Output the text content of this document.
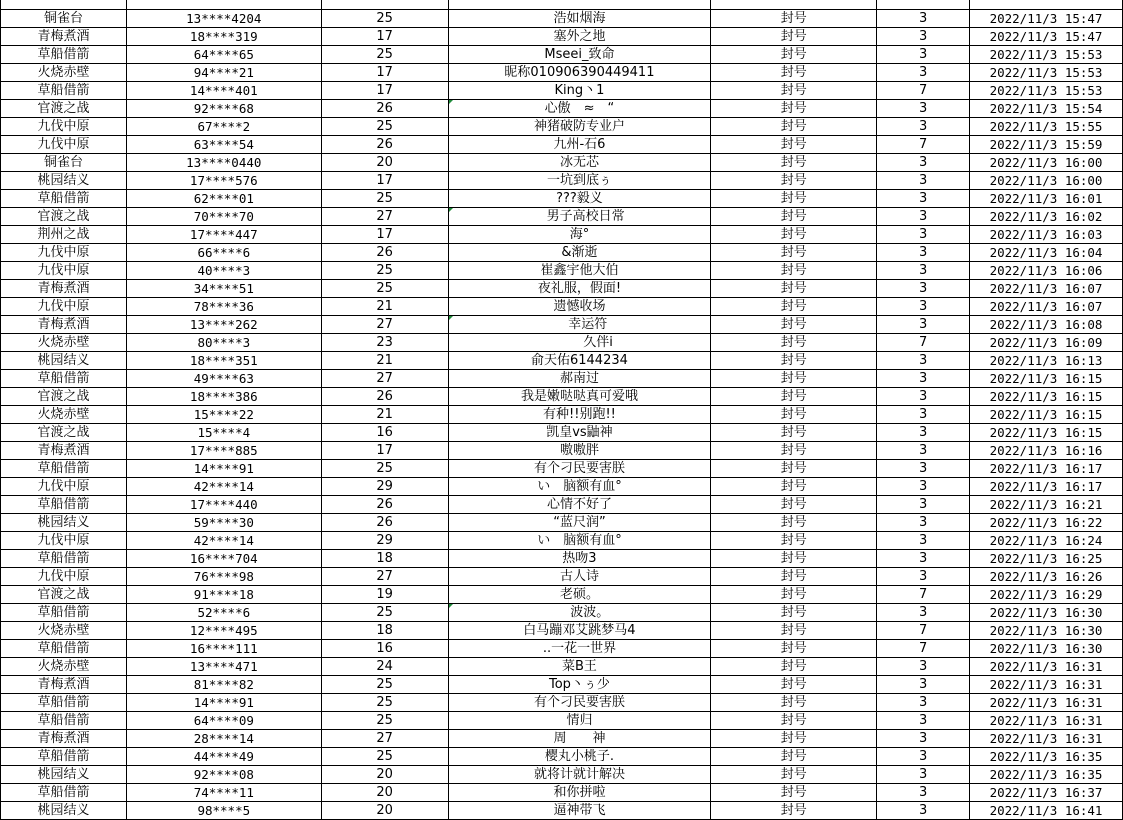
铜雀台	13****4204	25	浩如烟海	封号	3	2022/11/3 15:47
青梅煮酒	18****319	17	塞外之地	封号	3	2022/11/3 15:47
草船借箭	64****65	25	Mseei_致命	封号	3	2022/11/3 15:53
火烧赤壁	94****21	17	昵称010906390449411	封号	3	2022/11/3 15:53
草船借箭	14****401	17	King丶1	封号	7	2022/11/3 15:53
官渡之战	92****68	26	心傲　≈　“	封号	3	2022/11/3 15:54
九伐中原	67****2	25	神猪破防专业户	封号	3	2022/11/3 15:55
九伐中原	63****54	26	九州-石6	封号	7	2022/11/3 15:59
铜雀台	13****0440	20	冰无芯	封号	3	2022/11/3 16:00
桃园结义	17****576	17	一坑到底ぅ	封号	3	2022/11/3 16:00
草船借箭	62****01	25	???毅义	封号	3	2022/11/3 16:01
官渡之战	70****70	27	男子高校日常	封号	3	2022/11/3 16:02
荆州之战	17****447	17	海°	封号	3	2022/11/3 16:03
九伐中原	66****6	26	&渐逝	封号	3	2022/11/3 16:04
九伐中原	40****3	25	崔鑫宇他大伯	封号	3	2022/11/3 16:06
青梅煮酒	34****51	25	夜礼服，假面!	封号	3	2022/11/3 16:07
九伐中原	78****36	21	遗憾收场	封号	3	2022/11/3 16:07
青梅煮酒	13****262	27	幸运符	封号	3	2022/11/3 16:08
火烧赤壁	80****3	23	久伴i	封号	7	2022/11/3 16:09
桃园结义	18****351	21	俞天佑6144234	封号	3	2022/11/3 16:13
草船借箭	49****63	27	郝南过	封号	3	2022/11/3 16:15
官渡之战	18****386	26	我是嫩哒哒真可爱哦	封号	3	2022/11/3 16:15
火烧赤壁	15****22	21	有种!!别跑!!	封号	3	2022/11/3 16:15
官渡之战	15****4	16	凯皇vs鼬神	封号	3	2022/11/3 16:15
青梅煮酒	17****885	17	嗷嗷胖	封号	3	2022/11/3 16:16
草船借箭	14****91	25	有个刁民要害朕	封号	3	2022/11/3 16:17
九伐中原	42****14	29	い　脑额有血°	封号	3	2022/11/3 16:17
草船借箭	17****440	26	心情不好了	封号	3	2022/11/3 16:21
桃园结义	59****30	26	“蓝尺润”	封号	3	2022/11/3 16:22
九伐中原	42****14	29	い　脑额有血°	封号	3	2022/11/3 16:24
草船借箭	16****704	18	热吻3	封号	3	2022/11/3 16:25
九伐中原	76****98	27	古人诗	封号	3	2022/11/3 16:26
官渡之战	91****18	19	老硕。	封号	7	2022/11/3 16:29
草船借箭	52****6	25	波波。	封号	3	2022/11/3 16:30
火烧赤壁	12****495	18	白马蹦邓艾跳梦马4	封号	7	2022/11/3 16:30
草船借箭	16****111	16	..一花一世界	封号	7	2022/11/3 16:30
火烧赤壁	13****471	24	菜B王	封号	3	2022/11/3 16:31
青梅煮酒	81****82	25	Top丶ぅ少	封号	3	2022/11/3 16:31
草船借箭	14****91	25	有个刁民要害朕	封号	3	2022/11/3 16:31
草船借箭	64****09	25	情归	封号	3	2022/11/3 16:31
青梅煮酒	28****14	27	周　　神	封号	3	2022/11/3 16:31
草船借箭	44****49	25	樱丸小桃子.	封号	3	2022/11/3 16:35
桃园结义	92****08	20	就将计就计解决	封号	3	2022/11/3 16:35
草船借箭	74****11	20	和你拼啦	封号	3	2022/11/3 16:37
桃园结义	98****5	20	逼神带飞	封号	3	2022/11/3 16:41
